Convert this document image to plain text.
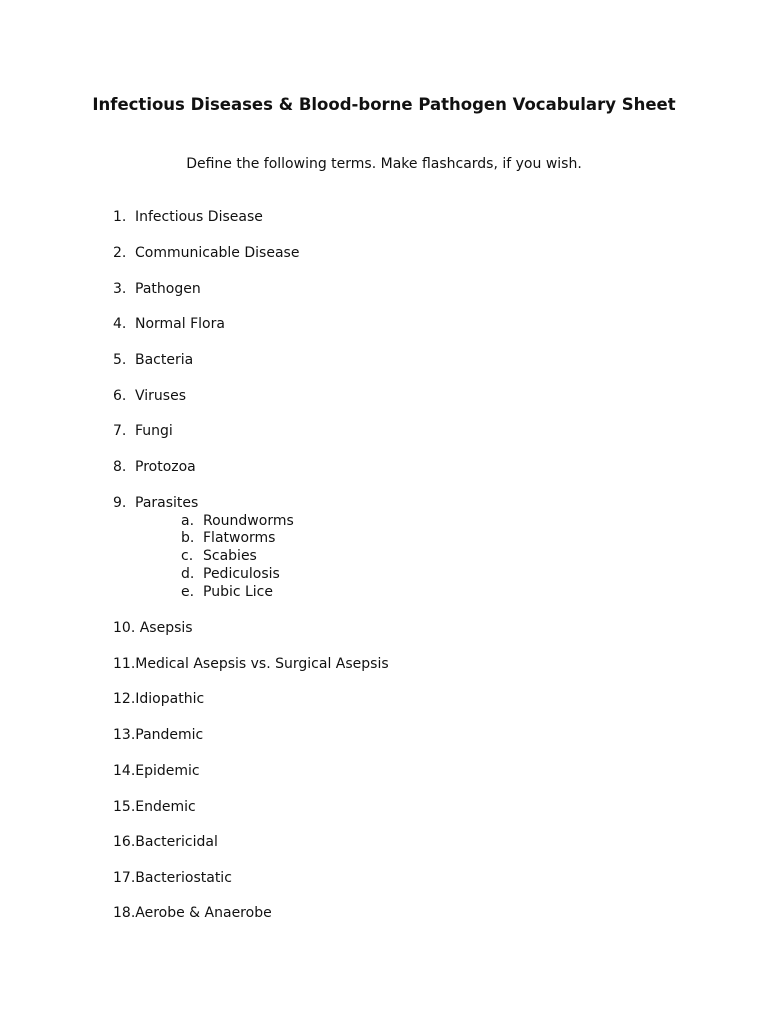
Infectious Diseases & Blood-borne Pathogen Vocabulary Sheet

Define the following terms. Make flashcards, if you wish.

1. Infectious Disease
2. Communicable Disease
3. Pathogen
4. Normal Flora
5. Bacteria
6. Viruses
7. Fungi
8. Protozoa
9. Parasites
a. Roundworms
b. Flatworms
c. Scabies
d. Pediculosis
e. Pubic Lice
10. Asepsis
11.Medical Asepsis vs. Surgical Asepsis
12.Idiopathic
13.Pandemic
14.Epidemic
15.Endemic
16.Bactericidal
17.Bacteriostatic
18.Aerobe & Anaerobe
